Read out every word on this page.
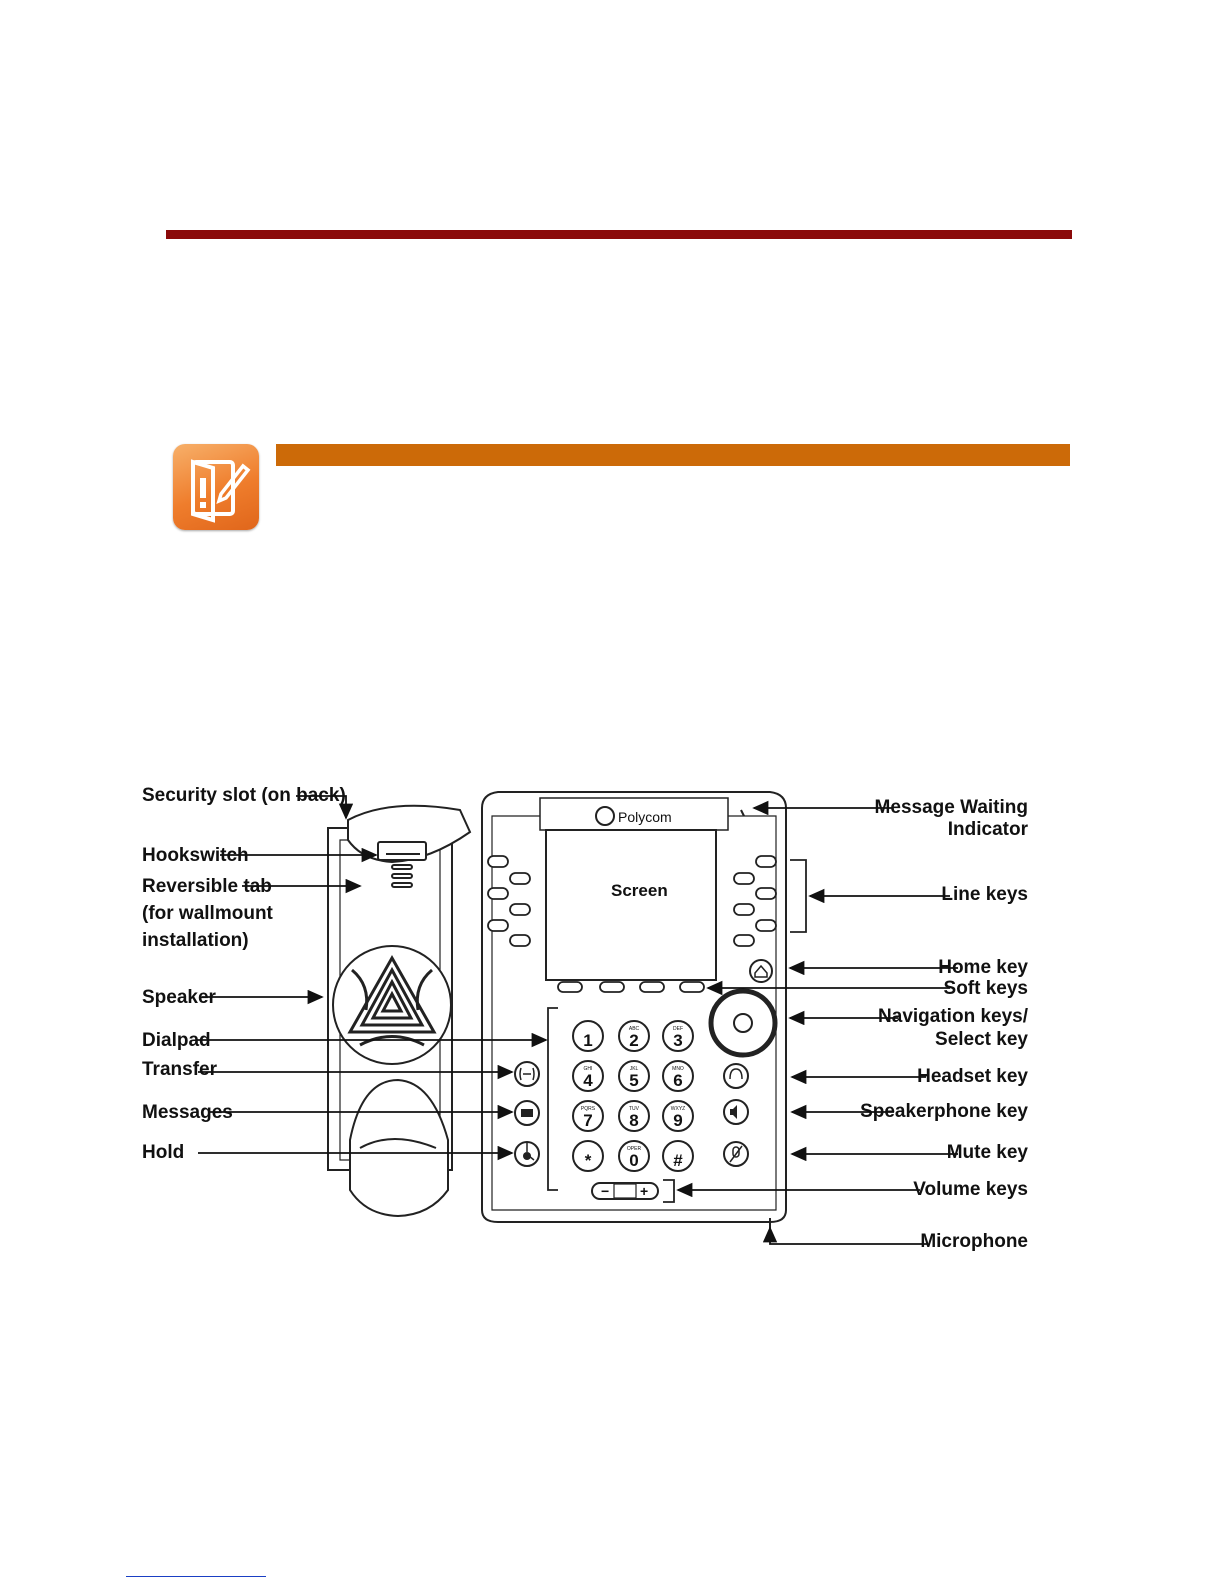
Polycom
Screen
1 2 3
4 5 6
7 8 9
* 0 #
ABC	DEF
GHI	JKL	MNO
PQRS	TUV	WXYZ
OPER
− +
Security slot (on back)
Hookswitch
Reversible tab
(for wallmount
installation)
Speaker
Dialpad
Transfer
Messages
Hold
Message Waiting
Indicator
Line keys
Home key
Soft keys
Navigation keys/
Select key
Headset key
Speakerphone key
Mute key
Volume keys
Microphone
